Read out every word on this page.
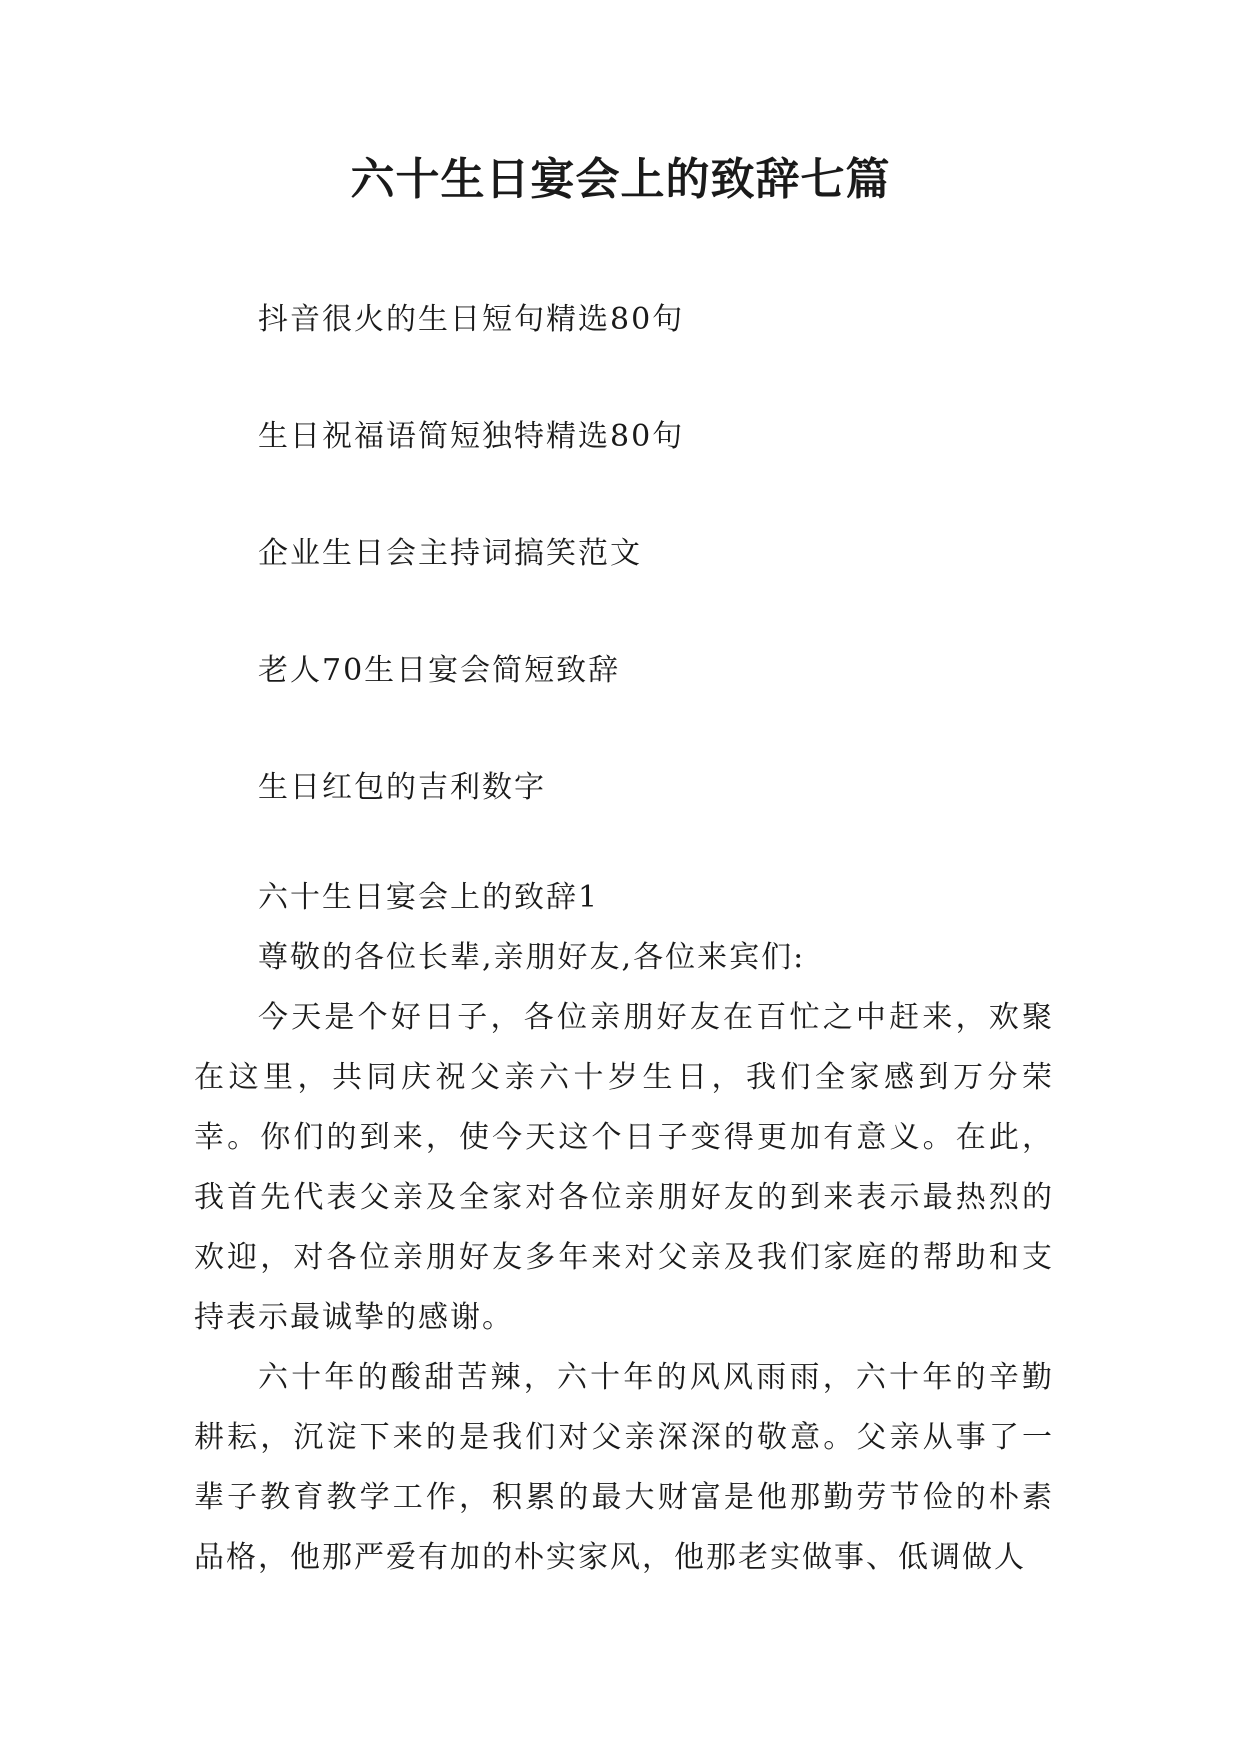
六十生日宴会上的致辞七篇
抖音很火的生日短句精选80句
生日祝福语简短独特精选80句
企业生日会主持词搞笑范文
老人70生日宴会简短致辞
生日红包的吉利数字
六十生日宴会上的致辞1
尊敬的各位长辈,亲朋好友,各位来宾们:

今天是个好日子，各位亲朋好友在百忙之中赶来，欢聚在这里，共同庆祝父亲六十岁生日，我们全家感到万分荣幸。你们的到来，使今天这个日子变得更加有意义。在此，我首先代表父亲及全家对各位亲朋好友的到来表示最热烈的欢迎，对各位亲朋好友多年来对父亲及我们家庭的帮助和支持表示最诚挚的感谢。

六十年的酸甜苦辣，六十年的风风雨雨，六十年的辛勤耕耘，沉淀下来的是我们对父亲深深的敬意。父亲从事了一辈子教育教学工作，积累的最大财富是他那勤劳节俭的朴素品格，他那严爱有加的朴实家风，他那老实做事、低调做人
